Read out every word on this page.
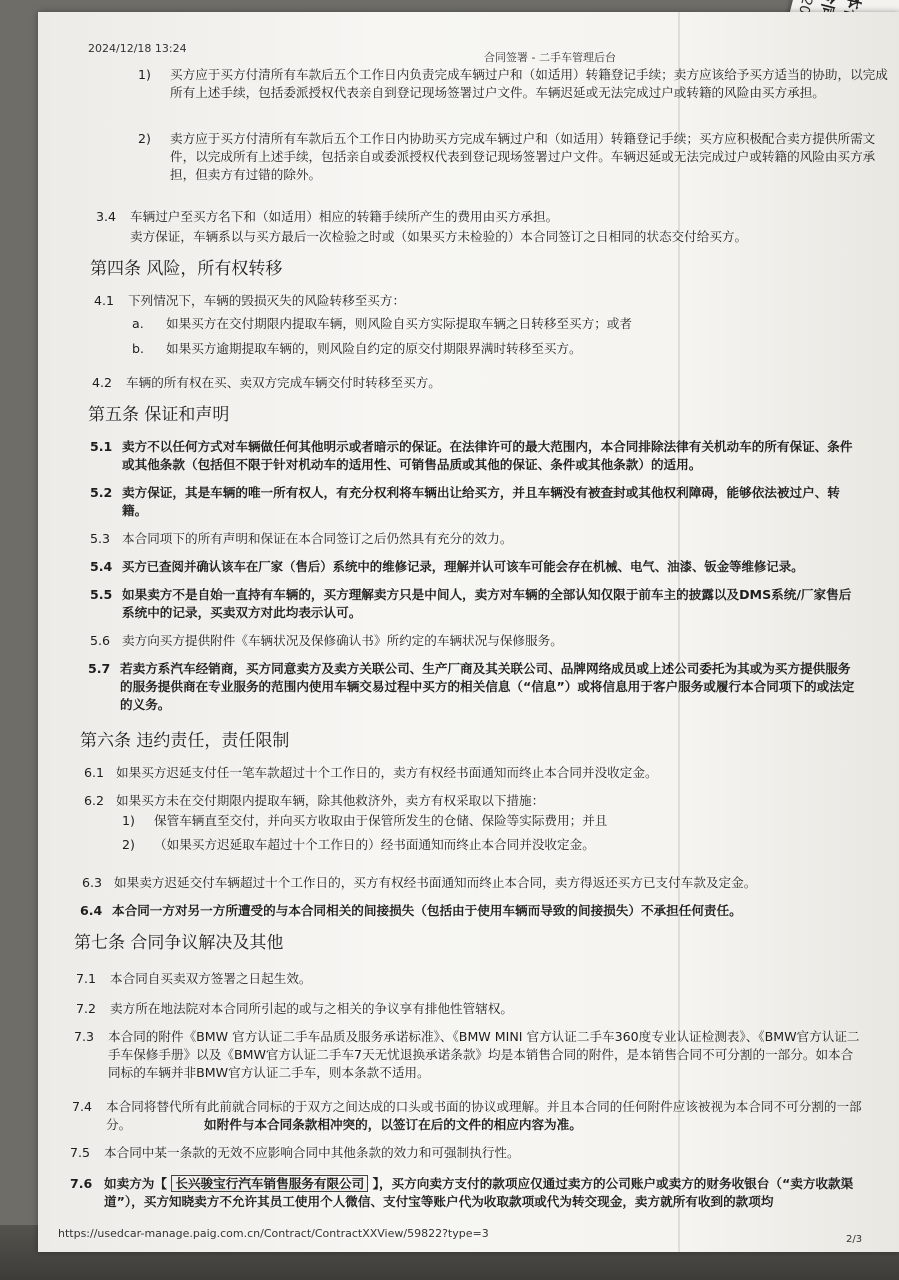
2024/12/18 13:24
合同签署 - 二手车管理后台
1) 买方应于买方付清所有车款后五个工作日内负责完成车辆过户和（如适用）转籍登记手续；卖方应该给予买方适当的协助，以完成所有上述手续，包括委派授权代表亲自到登记现场签署过户文件。车辆迟延或无法完成过户或转籍的风险由买方承担。
2) 卖方应于买方付清所有车款后五个工作日内协助买方完成车辆过户和（如适用）转籍登记手续；买方应积极配合卖方提供所需文件，以完成所有上述手续，包括亲自或委派授权代表到登记现场签署过户文件。车辆迟延或无法完成过户或转籍的风险由买方承担，但卖方有过错的除外。
3.4 车辆过户至买方名下和（如适用）相应的转籍手续所产生的费用由买方承担。
卖方保证，车辆系以与买方最后一次检验之时或（如果买方未检验的）本合同签订之日相同的状态交付给买方。
第四条 风险，所有权转移
4.1 下列情况下，车辆的毁损灭失的风险转移至买方：
a. 如果买方在交付期限内提取车辆，则风险自买方实际提取车辆之日转移至买方；或者
b. 如果买方逾期提取车辆的，则风险自约定的原交付期限界满时转移至买方。
4.2 车辆的所有权在买、卖双方完成车辆交付时转移至买方。
第五条 保证和声明
5.1 卖方不以任何方式对车辆做任何其他明示或者暗示的保证。在法律许可的最大范围内，本合同排除法律有关机动车的所有保证、条件或其他条款（包括但不限于针对机动车的适用性、可销售品质或其他的保证、条件或其他条款）的适用。
5.2 卖方保证，其是车辆的唯一所有权人，有充分权利将车辆出让给买方，并且车辆没有被查封或其他权利障碍，能够依法被过户、转籍。
5.3 本合同项下的所有声明和保证在本合同签订之后仍然具有充分的效力。
5.4 买方已查阅并确认该车在厂家（售后）系统中的维修记录，理解并认可该车可能会存在机械、电气、油漆、钣金等维修记录。
5.5 如果卖方不是自始一直持有车辆的，买方理解卖方只是中间人，卖方对车辆的全部认知仅限于前车主的披露以及DMS系统/厂家售后系统中的记录，买卖双方对此均表示认可。
5.6 卖方向买方提供附件《车辆状况及保修确认书》所约定的车辆状况与保修服务。
5.7 若卖方系汽车经销商，买方同意卖方及卖方关联公司、生产厂商及其关联公司、品牌网络成员或上述公司委托为其或为买方提供服务的服务提供商在专业服务的范围内使用车辆交易过程中买方的相关信息（“信息”）或将信息用于客户服务或履行本合同项下的或法定的义务。
第六条 违约责任，责任限制
6.1 如果买方迟延支付任一笔车款超过十个工作日的，卖方有权经书面通知而终止本合同并没收定金。
6.2 如果买方未在交付期限内提取车辆，除其他救济外，卖方有权采取以下措施：
1) 保管车辆直至交付，并向买方收取由于保管所发生的仓储、保险等实际费用；并且
2) （如果买方迟延取车超过十个工作日的）经书面通知而终止本合同并没收定金。
6.3 如果卖方迟延交付车辆超过十个工作日的，买方有权经书面通知而终止本合同，卖方得返还买方已支付车款及定金。
6.4 本合同一方对另一方所遭受的与本合同相关的间接损失（包括由于使用车辆而导致的间接损失）不承担任何责任。
第七条 合同争议解决及其他
7.1 本合同自买卖双方签署之日起生效。
7.2 卖方所在地法院对本合同所引起的或与之相关的争议享有排他性管辖权。
7.3 本合同的附件《BMW 官方认证二手车品质及服务承诺标准》、《BMW MINI 官方认证二手车360度专业认证检测表》、《BMW官方认证二手车保修手册》以及《BMW官方认证二手车7天无忧退换承诺条款》均是本销售合同的附件，是本销售合同不可分割的一部分。如本合同标的车辆并非BMW官方认证二手车，则本条款不适用。
7.4 本合同将替代所有此前就合同标的于双方之间达成的口头或书面的协议或理解。并且本合同的任何附件应该被视为本合同不可分割的一部分。	如附件与本合同条款相冲突的，以签订在后的文件的相应内容为准。
7.5 本合同中某一条款的无效不应影响合同中其他条款的效力和可强制执行性。
7.6 如卖方为【 长兴骏宝行汽车销售服务有限公司 】，买方向卖方支付的款项应仅通过卖方的公司账户或卖方的财务收银台（“卖方收款渠道”），买方知晓卖方不允许其员工使用个人微信、支付宝等账户代为收取款项或代为转交现金，卖方就所有收到的款项均
https://usedcar-manage.paig.com.cn/Contract/ContractXXView/59822?type=3	2/3
